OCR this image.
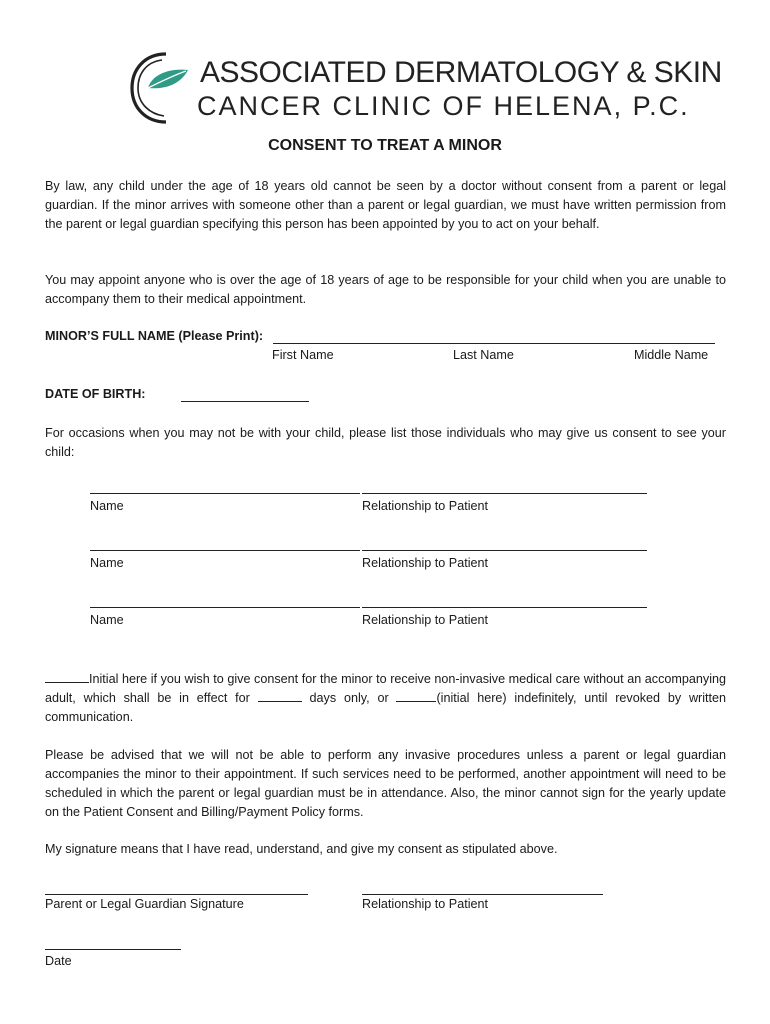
ASSOCIATED DERMATOLOGY & SKIN
CANCER CLINIC OF HELENA, P.C.
CONSENT TO TREAT A MINOR
By law, any child under the age of 18 years old cannot be seen by a doctor without consent from a parent or legal guardian. If the minor arrives with someone other than a parent or legal guardian, we must have written permission from the parent or legal guardian specifying this person has been appointed by you to act on your behalf.
You may appoint anyone who is over the age of 18 years of age to be responsible for your child when you are unable to accompany them to their medical appointment.
MINOR’S FULL NAME (Please Print):
First Name	Last Name	Middle Name
DATE OF BIRTH:
For occasions when you may not be with your child, please list those individuals who may give us consent to see your child:
Name	Relationship to Patient
Name	Relationship to Patient
Name	Relationship to Patient
Initial here if you wish to give consent for the minor to receive non-invasive medical care without an accompanying adult, which shall be in effect for	days only, or	(initial here) indefinitely, until revoked by written communication.
Please be advised that we will not be able to perform any invasive procedures unless a parent or legal guardian accompanies the minor to their appointment. If such services need to be performed, another appointment will need to be scheduled in which the parent or legal guardian must be in attendance. Also, the minor cannot sign for the yearly update on the Patient Consent and Billing/Payment Policy forms.
My signature means that I have read, understand, and give my consent as stipulated above.
Parent or Legal Guardian Signature	Relationship to Patient
Date
